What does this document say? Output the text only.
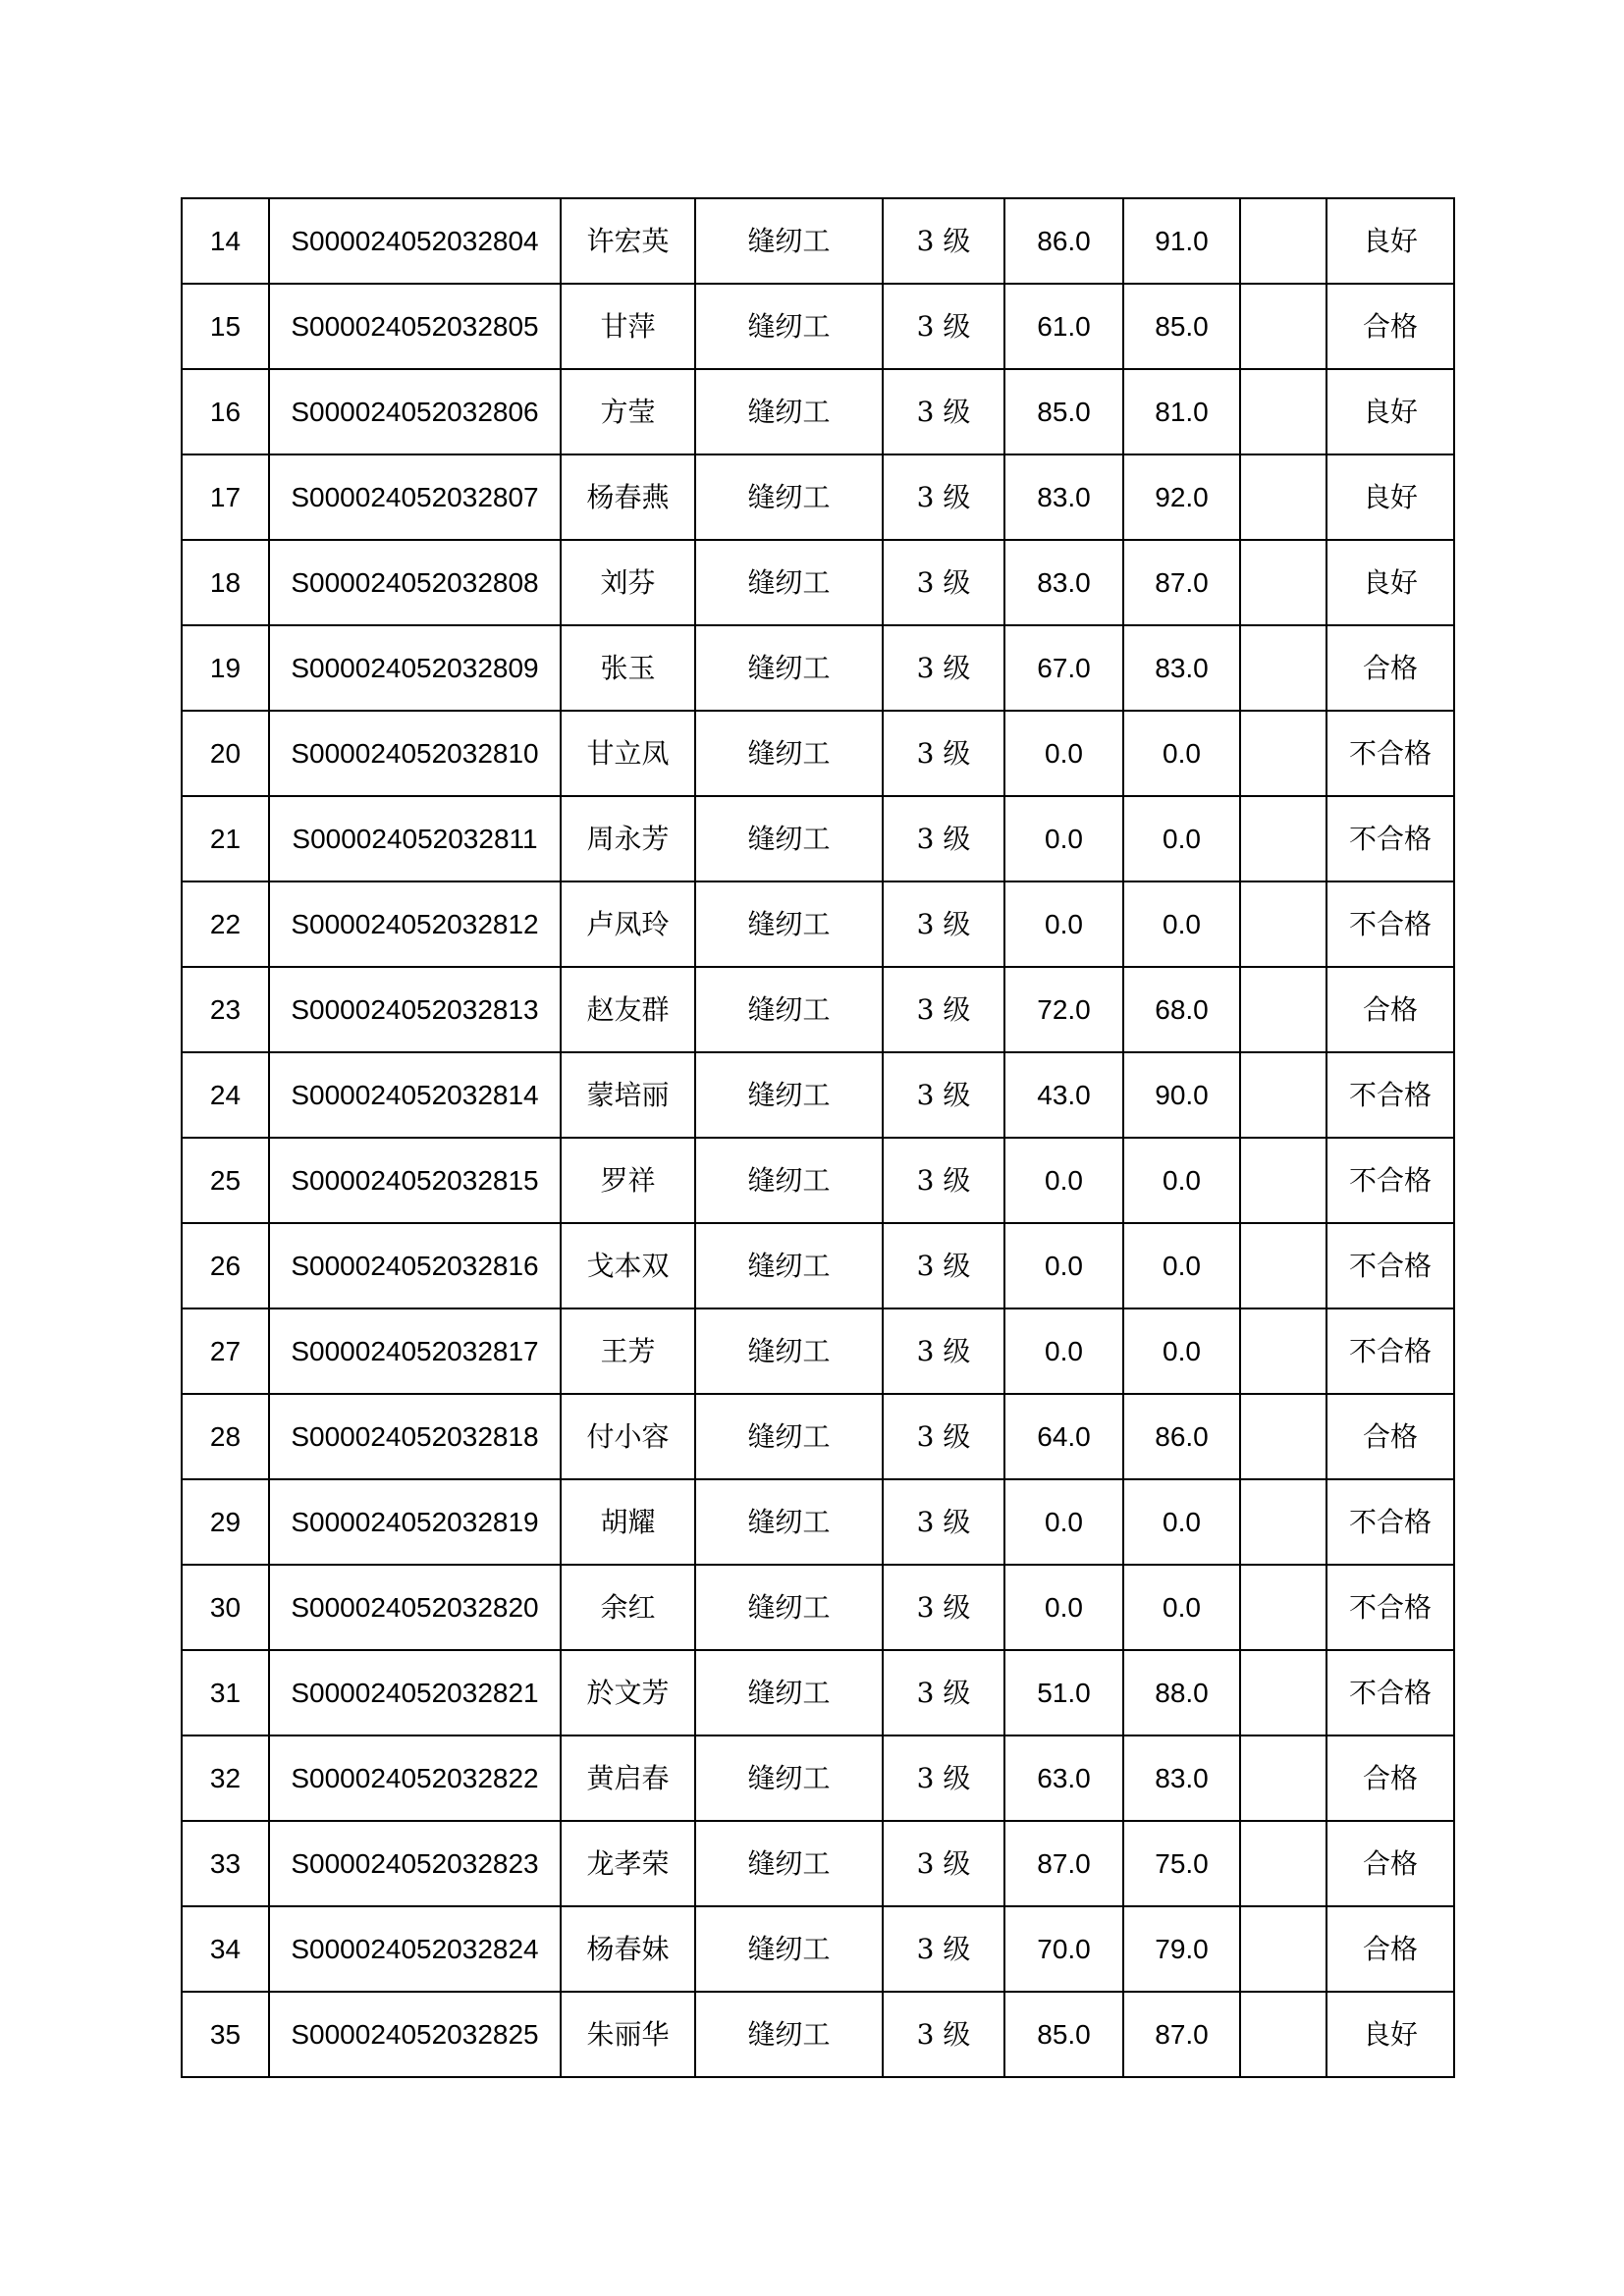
14	S000024052032804	许宏英	缝纫工	3 级	86.0	91.0		良好
15	S000024052032805	甘萍	缝纫工	3 级	61.0	85.0		合格
16	S000024052032806	方莹	缝纫工	3 级	85.0	81.0		良好
17	S000024052032807	杨春燕	缝纫工	3 级	83.0	92.0		良好
18	S000024052032808	刘芬	缝纫工	3 级	83.0	87.0		良好
19	S000024052032809	张玉	缝纫工	3 级	67.0	83.0		合格
20	S000024052032810	甘立凤	缝纫工	3 级	0.0	0.0		不合格
21	S000024052032811	周永芳	缝纫工	3 级	0.0	0.0		不合格
22	S000024052032812	卢凤玲	缝纫工	3 级	0.0	0.0		不合格
23	S000024052032813	赵友群	缝纫工	3 级	72.0	68.0		合格
24	S000024052032814	蒙培丽	缝纫工	3 级	43.0	90.0		不合格
25	S000024052032815	罗祥	缝纫工	3 级	0.0	0.0		不合格
26	S000024052032816	戈本双	缝纫工	3 级	0.0	0.0		不合格
27	S000024052032817	王芳	缝纫工	3 级	0.0	0.0		不合格
28	S000024052032818	付小容	缝纫工	3 级	64.0	86.0		合格
29	S000024052032819	胡耀	缝纫工	3 级	0.0	0.0		不合格
30	S000024052032820	余红	缝纫工	3 级	0.0	0.0		不合格
31	S000024052032821	於文芳	缝纫工	3 级	51.0	88.0		不合格
32	S000024052032822	黄启春	缝纫工	3 级	63.0	83.0		合格
33	S000024052032823	龙孝荣	缝纫工	3 级	87.0	75.0		合格
34	S000024052032824	杨春妹	缝纫工	3 级	70.0	79.0		合格
35	S000024052032825	朱丽华	缝纫工	3 级	85.0	87.0		良好
